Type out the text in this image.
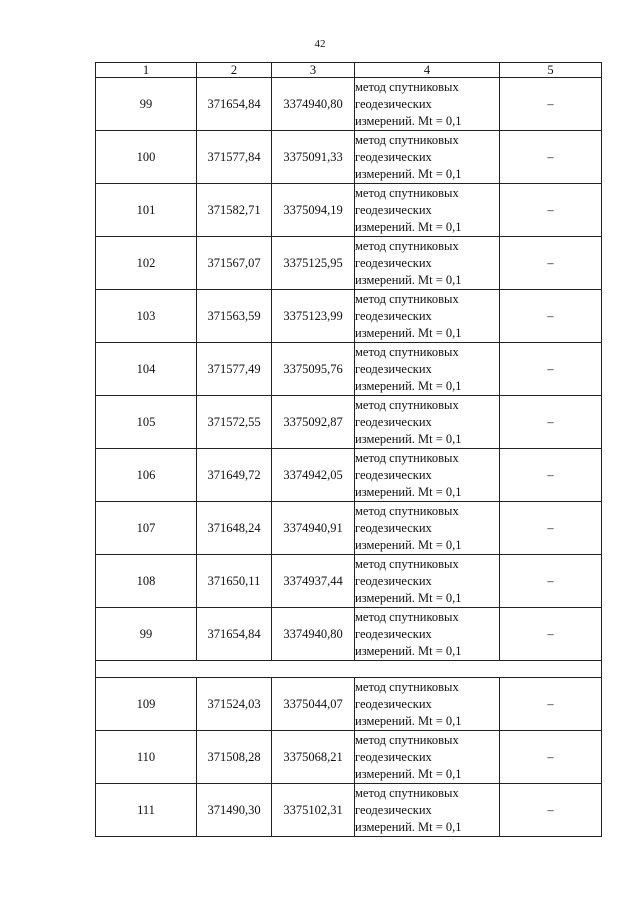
42
1	2	3	4	5
99	371654,84	3374940,80	метод спутниковых
геодезических
измерений. Mt = 0,1	–
100	371577,84	3375091,33	метод спутниковых
геодезических
измерений. Mt = 0,1	–
101	371582,71	3375094,19	метод спутниковых
геодезических
измерений. Mt = 0,1	–
102	371567,07	3375125,95	метод спутниковых
геодезических
измерений. Mt = 0,1	–
103	371563,59	3375123,99	метод спутниковых
геодезических
измерений. Mt = 0,1	–
104	371577,49	3375095,76	метод спутниковых
геодезических
измерений. Mt = 0,1	–
105	371572,55	3375092,87	метод спутниковых
геодезических
измерений. Mt = 0,1	–
106	371649,72	3374942,05	метод спутниковых
геодезических
измерений. Mt = 0,1	–
107	371648,24	3374940,91	метод спутниковых
геодезических
измерений. Mt = 0,1	–
108	371650,11	3374937,44	метод спутниковых
геодезических
измерений. Mt = 0,1	–
99	371654,84	3374940,80	метод спутниковых
геодезических
измерений. Mt = 0,1	–

109	371524,03	3375044,07	метод спутниковых
геодезических
измерений. Mt = 0,1	–
110	371508,28	3375068,21	метод спутниковых
геодезических
измерений. Mt = 0,1	–
111	371490,30	3375102,31	метод спутниковых
геодезических
измерений. Mt = 0,1	–
